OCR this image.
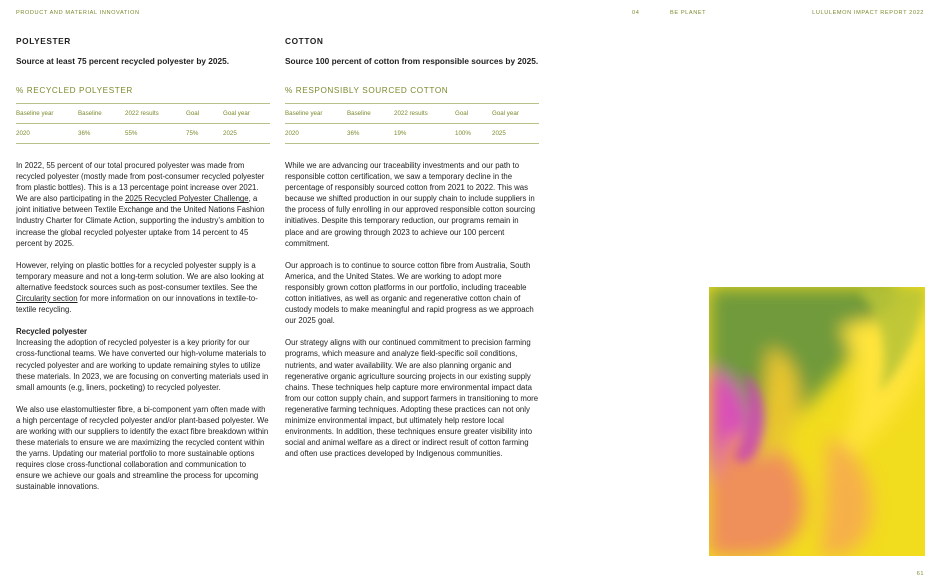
PRODUCT AND MATERIAL INNOVATION	04	BE PLANET	LULULEMON IMPACT REPORT 2022
POLYESTER
Source at least 75 percent recycled polyester by 2025.
% RECYCLED POLYESTER
Baseline year	Baseline	2022 results	Goal	Goal year
2020	36%	55%	75%	2025

In 2022, 55 percent of our total procured polyester was made from recycled polyester (mostly made from post-consumer recycled polyester from plastic bottles). This is a 13 percentage point increase over 2021. We are also participating in the 2025 Recycled Polyester Challenge, a joint initiative between Textile Exchange and the United Nations Fashion Industry Charter for Climate Action, supporting the industry’s ambition to increase the global recycled polyester uptake from 14 percent to 45 percent by 2025.

However, relying on plastic bottles for a recycled polyester supply is a temporary measure and not a long-term solution. We are also looking at alternative feedstock sources such as post-consumer textiles. See the Circularity section for more information on our innovations in textile-to-textile recycling.

Recycled polyester
Increasing the adoption of recycled polyester is a key priority for our cross-functional teams. We have converted our high-volume materials to recycled polyester and are working to update remaining styles to utilize these materials. In 2023, we are focusing on converting materials used in small amounts (e.g, liners, pocketing) to recycled polyester.

We also use elastomultiester fibre, a bi-component yarn often made with a high percentage of recycled polyester and/or plant-based polyester. We are working with our suppliers to identify the exact fibre breakdown within these materials to ensure we are maximizing the recycled content within the yarns. Updating our material portfolio to more sustainable options requires close cross-functional collaboration and communication to ensure we achieve our goals and streamline the process for upcoming sustainable innovations.

COTTON
Source 100 percent of cotton from responsible sources by 2025.
% RESPONSIBLY SOURCED COTTON
Baseline year	Baseline	2022 results	Goal	Goal year
2020	36%	19%	100%	2025

While we are advancing our traceability investments and our path to responsible cotton certification, we saw a temporary decline in the percentage of responsibly sourced cotton from 2021 to 2022. This was because we shifted production in our supply chain to include suppliers in the process of fully enrolling in our approved responsible cotton sourcing initiatives. Despite this temporary reduction, our programs remain in place and are growing through 2023 to achieve our 100 percent commitment.

Our approach is to continue to source cotton fibre from Australia, South America, and the United States. We are working to adopt more responsibly grown cotton platforms in our portfolio, including traceable cotton initiatives, as well as organic and regenerative cotton chain of custody models to make meaningful and rapid progress as we approach our 2025 goal.

Our strategy aligns with our continued commitment to precision farming programs, which measure and analyze field-specific soil conditions, nutrients, and water availability. We are also planning organic and regenerative organic agriculture sourcing projects in our existing supply chains. These techniques help capture more environmental impact data from our cotton supply chain, and support farmers in transitioning to more regenerative farming techniques. Adopting these practices can not only minimize environmental impact, but ultimately help restore local environments. In addition, these techniques ensure greater visibility into social and animal welfare as a direct or indirect result of cotton farming and often use practices developed by Indigenous communities.

61
